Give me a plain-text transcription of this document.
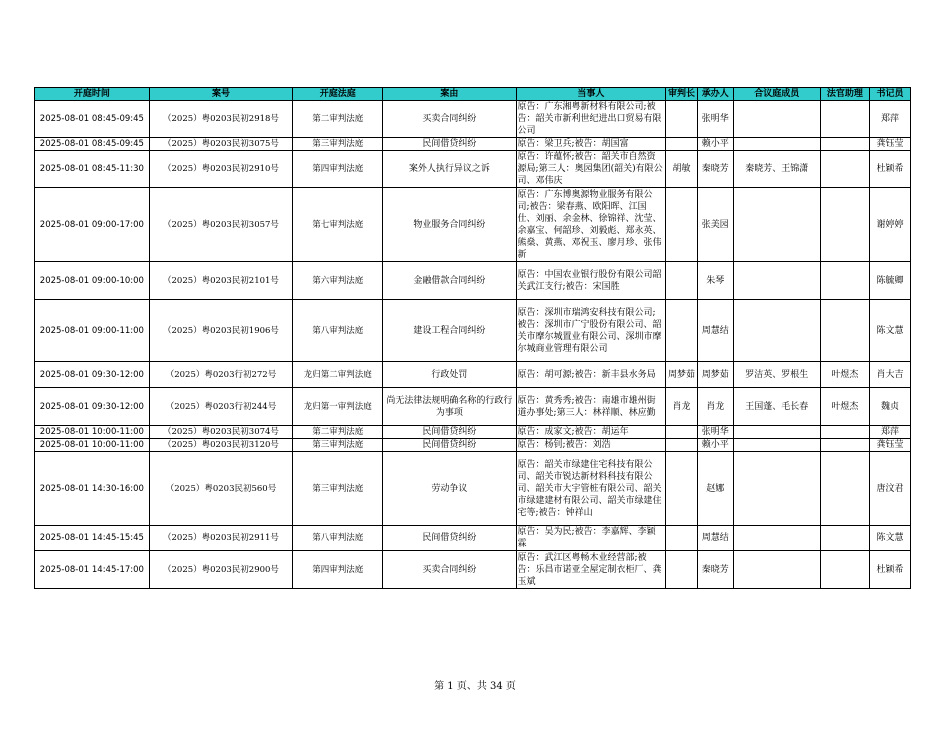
开庭时间	案号	开庭法庭	案由	当事人	审判长	承办人	合议庭成员	法官助理	书记员
2025-08-01 08:45-09:45	（2025）粤0203民初2918号	第二审判法庭	买卖合同纠纷	原告：广东湘粤新材料有限公司;被告：韶关市新利世纪进出口贸易有限公司		张明华			郑萍
2025-08-01 08:45-09:45	（2025）粤0203民初3075号	第三审判法庭	民间借贷纠纷	原告：梁卫兵;被告：胡国富		赖小平			龚钰莹
2025-08-01 08:45-11:30	（2025）粤0203民初2910号	第四审判法庭	案外人执行异议之诉	原告：许蕴怀;被告：韶关市自然资源局;第三人：奥园集团(韶关)有限公司、邓伟庆	胡敏	秦晓芳	秦晓芳、王锦潇		杜颖希
2025-08-01 09:00-17:00	（2025）粤0203民初3057号	第七审判法庭	物业服务合同纠纷	原告：广东博奥源物业服务有限公司;被告：梁春燕、欧阳晖、江国仕、刘丽、余金林、徐锦祥、沈莹、余嘉宝、何韶珍、刘毅彪、郑永英、熊燊、黄燕、邓祝玉、廖月珍、张伟新		张美园			谢婷婷
2025-08-01 09:00-10:00	（2025）粤0203民初2101号	第六审判法庭	金融借款合同纠纷	原告：中国农业银行股份有限公司韶关武江支行;被告：宋国胜		朱琴			陈毓卿
2025-08-01 09:00-11:00	（2025）粤0203民初1906号	第八审判法庭	建设工程合同纠纷	原告：深圳市瑞鸿安科技有限公司;被告：深圳市广宁股份有限公司、韶关市摩尔城置业有限公司、深圳市摩尔城商业管理有限公司		周慧结			陈文慧
2025-08-01 09:30-12:00	（2025）粤0203行初272号	龙归第二审判法庭	行政处罚	原告：胡可源;被告：新丰县水务局	周梦茹	周梦茹	罗洁英、罗根生	叶煜杰	肖大吉
2025-08-01 09:30-12:00	（2025）粤0203行初244号	龙归第一审判法庭	尚无法律法规明确名称的行政行为事项	原告：黄秀秀;被告：南雄市雄州街道办事处;第三人：林祥顺、林应勤	肖龙	肖龙	王国蓬、毛长春	叶煜杰	魏贞
2025-08-01 10:00-11:00	（2025）粤0203民初3074号	第二审判法庭	民间借贷纠纷	原告：成家文;被告：胡运年		张明华			郑萍
2025-08-01 10:00-11:00	（2025）粤0203民初3120号	第三审判法庭	民间借贷纠纷	原告：杨钊;被告：刘浩		赖小平			龚钰莹
2025-08-01 14:30-16:00	（2025）粤0203民初560号	第三审判法庭	劳动争议	原告：韶关市绿建住宅科技有限公司、韶关市锐达新材料科技有限公司、韶关市大宇管桩有限公司、韶关市绿建建材有限公司、韶关市绿建住宅等;被告：钟祥山		赵娜			唐汶君
2025-08-01 14:45-15:45	（2025）粤0203民初2911号	第八审判法庭	民间借贷纠纷	原告：吴为民;被告：李嘉辉、李颖霖		周慧结			陈文慧
2025-08-01 14:45-17:00	（2025）粤0203民初2900号	第四审判法庭	买卖合同纠纷	原告：武江区粤畅木业经营部;被告：乐昌市诺亚全屋定制衣柜厂、龚玉斌		秦晓芳			杜颖希
第 1 页、共 34 页
